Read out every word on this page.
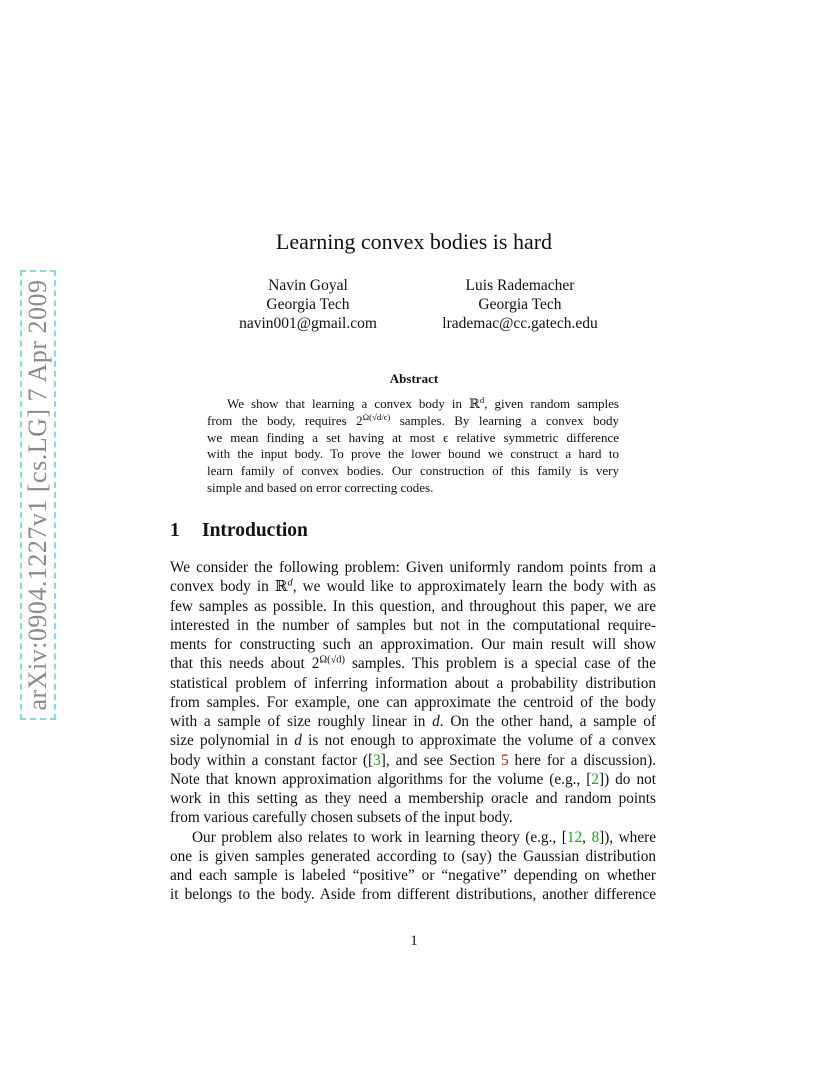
arXiv:0904.1227v1 [cs.LG] 7 Apr 2009
Learning convex bodies is hard
Navin Goyal
Georgia Tech
navin001@gmail.com
Luis Rademacher
Georgia Tech
lrademac@cc.gatech.edu
Abstract
We show that learning a convex body in ℝ$^d$, given random samples
from the body, requires $2^{\Omega(√d/\epsilon)}$ samples. By learning a convex body
we mean finding a set having at most ϵ relative symmetric difference
with the input body. To prove the lower bound we construct a hard to
learn family of convex bodies. Our construction of this family is very
simple and based on error correcting codes.
1 Introduction
We consider the following problem: Given uniformly random points from a
convex body in ℝ$^d$, we would like to approximately learn the body with as
few samples as possible. In this question, and throughout this paper, we are
interested in the number of samples but not in the computational require-
ments for constructing such an approximation. Our main result will show
that this needs about $2^{\Omega(√d)}$ samples. This problem is a special case of the
statistical problem of inferring information about a probability distribution
from samples. For example, one can approximate the centroid of the body
with a sample of size roughly linear in d. On the other hand, a sample of
size polynomial in d is not enough to approximate the volume of a convex
body within a constant factor ([3], and see Section 5 here for a discussion).
Note that known approximation algorithms for the volume (e.g., [2]) do not
work in this setting as they need a membership oracle and random points
from various carefully chosen subsets of the input body.
Our problem also relates to work in learning theory (e.g., [12, 8]), where
one is given samples generated according to (say) the Gaussian distribution
and each sample is labeled “positive” or “negative” depending on whether
it belongs to the body. Aside from different distributions, another difference
1
